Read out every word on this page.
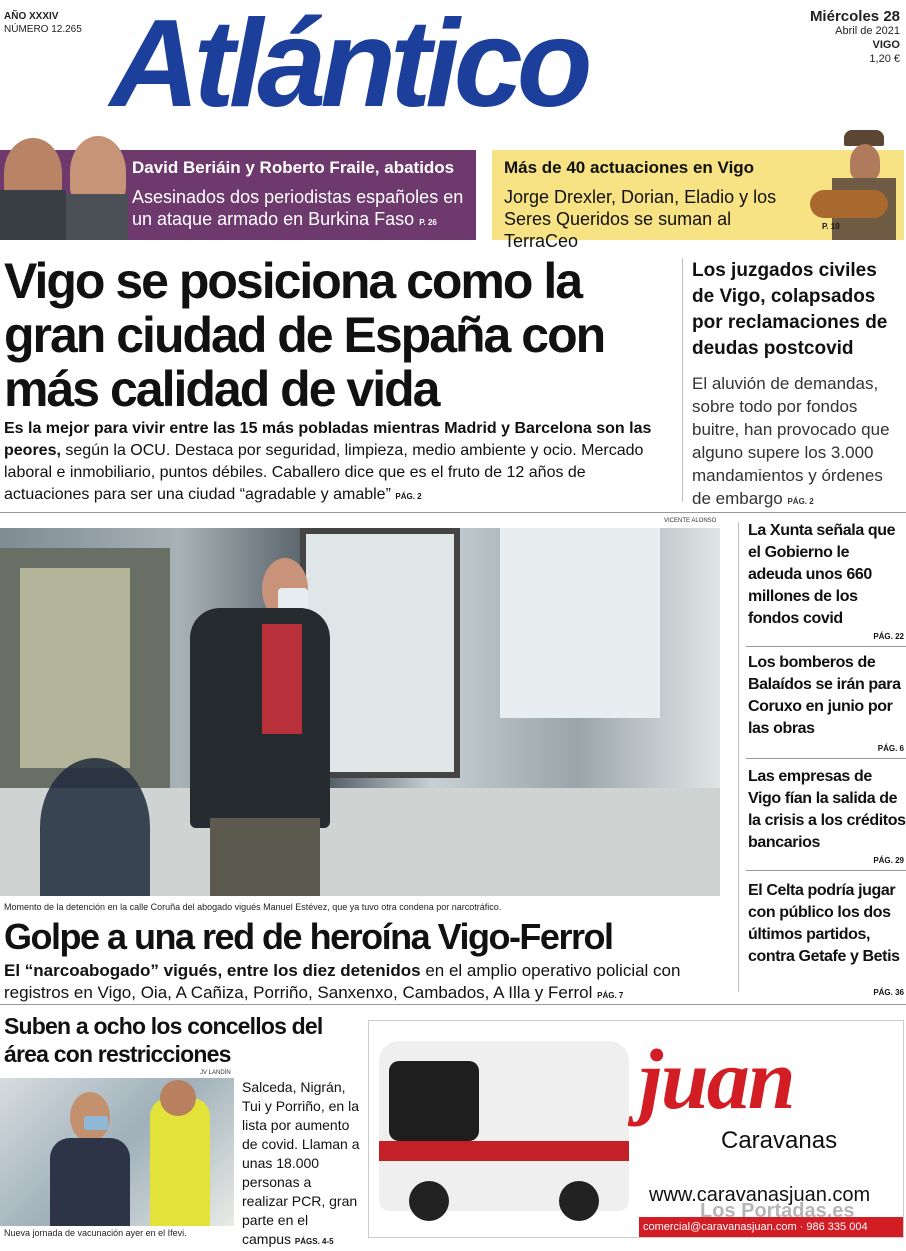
AÑO XXXIV
NÚMERO 12.265 Atlántico	Miércoles 28
Abril de 2021
VIGO
1,20 €
David Beriáin y Roberto Fraile, abatidos
Asesinados dos periodistas españoles en un ataque armado en Burkina Faso P. 26
Más de 40 actuaciones en Vigo
Jorge Drexler, Dorian, Eladio y los Seres Queridos se suman al TerraCeo
P. 10
Vigo se posiciona como la gran ciudad de España con más calidad de vida
Es la mejor para vivir entre las 15 más pobladas mientras Madrid y Barcelona son las peores, según la OCU. Destaca por seguridad, limpieza, medio ambiente y ocio. Mercado laboral e inmobiliario, puntos débiles. Caballero dice que es el fruto de 12 años de actuaciones para ser una ciudad “agradable y amable” PÁG. 2
Los juzgados civiles de Vigo, colapsados por reclamaciones de deudas postcovid
El aluvión de demandas, sobre todo por fondos buitre, han provocado que alguno supere los 3.000 mandamientos y órdenes de embargo PÁG. 2
VICENTE ALONSO
Momento de la detención en la calle Coruña del abogado vigués Manuel Estévez, que ya tuvo otra condena por narcotráfico.
Golpe a una red de heroína Vigo-Ferrol
El “narcoabogado” vigués, entre los diez detenidos en el amplio operativo policial con registros en Vigo, Oia, A Cañiza, Porriño, Sanxenxo, Cambados, A Illa y Ferrol PÁG. 7
La Xunta señala que el Gobierno le adeuda unos 660 millones de los fondos covid
PÁG. 22
Los bomberos de Balaídos se irán para Coruxo en junio por las obras
PÁG. 6
Las empresas de Vigo fían la salida de la crisis a los créditos bancarios
PÁG. 29
El Celta podría jugar con público los dos últimos partidos, contra Getafe y Betis
PÁG. 36
Suben a ocho los concellos del área con restricciones
JV LANDÍN
Nueva jornada de vacunación ayer en el Ifevi.
Salceda, Nigrán, Tui y Porriño, en la lista por aumento de covid. Llaman a unas 18.000 personas a realizar PCR, gran parte en el campus PÁGS. 4-5
juan
Caravanas
www.caravanasjuan.com
comercial@caravanasjuan.com · 986 335 004
Los Portadas.es
